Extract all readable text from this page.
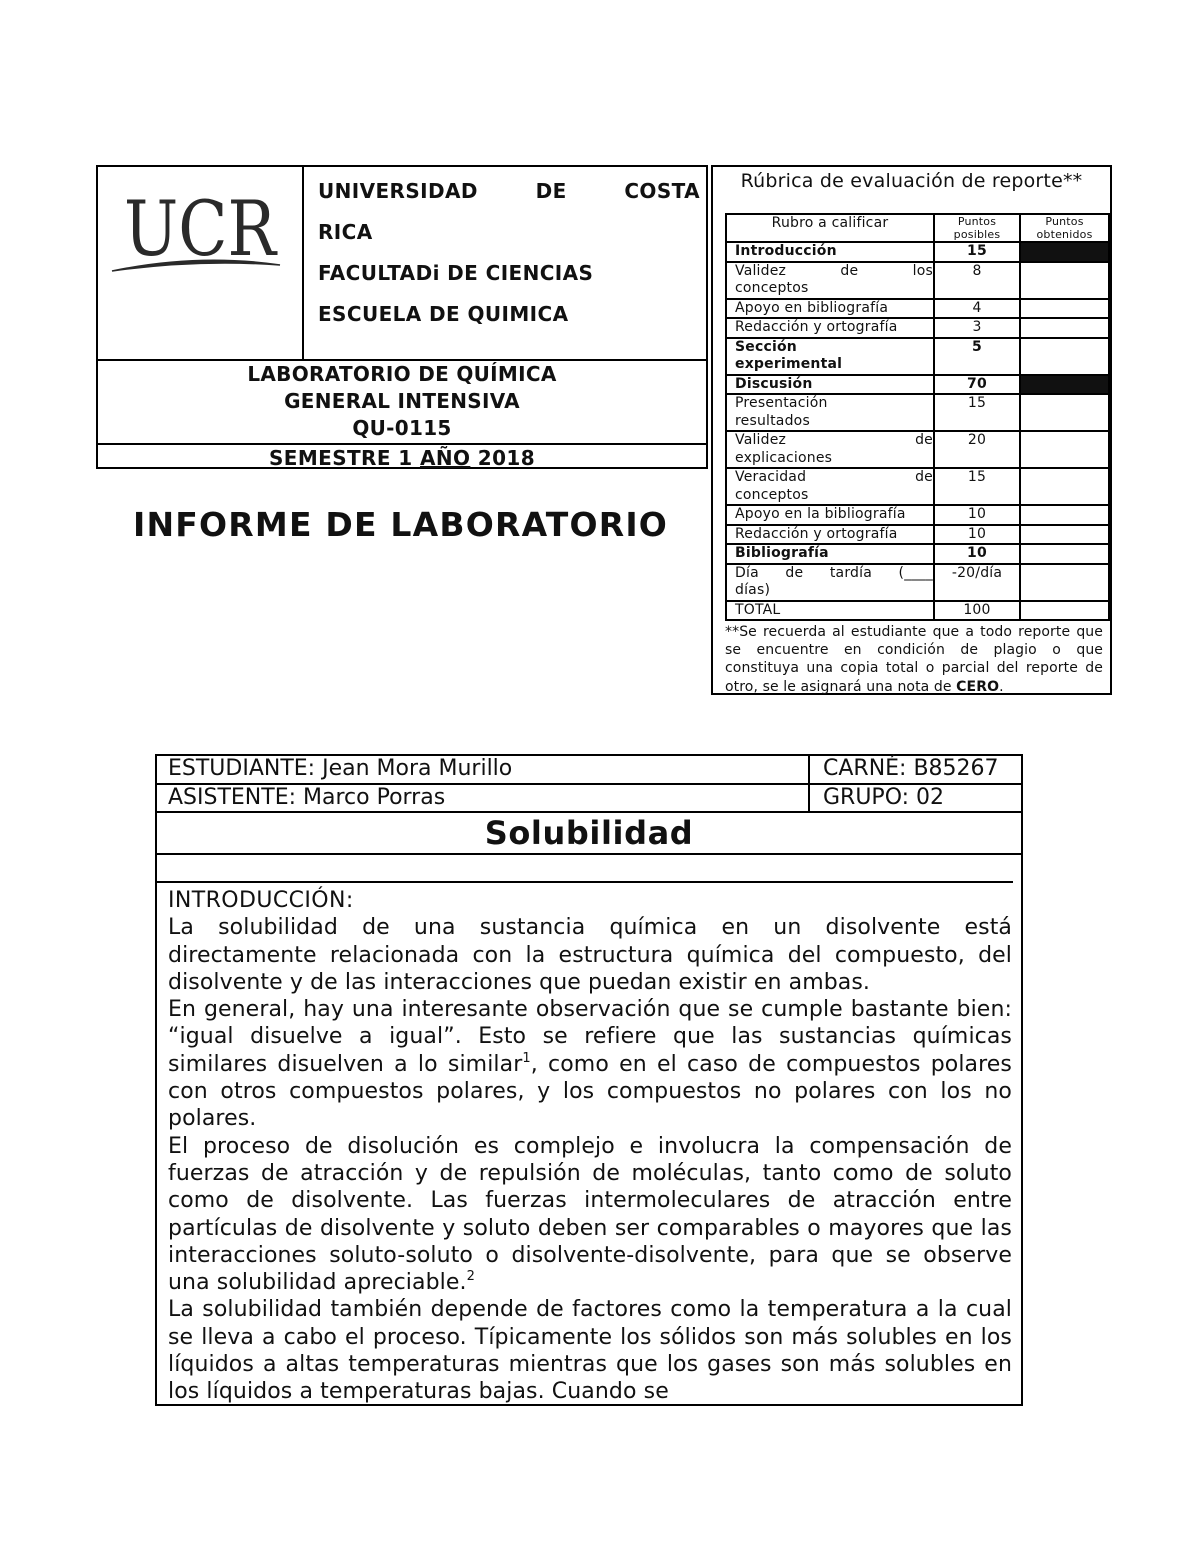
UCR UNIVERSIDAD	DE	COSTA
RICA
FACULTADi DE CIENCIAS
ESCUELA DE QUIMICA
LABORATORIO DE QUÍMICA
GENERAL INTENSIVA
QU-0115
SEMESTRE 1 AÑO 2018
INFORME DE LABORATORIO
Rúbrica de evaluación de reporte**
Rubro a calificar	Puntos posibles	Puntos obtenidos
Introducción	15	

Validez de los
conceptos	8	
Apoyo en bibliografía	4	
Redacción y ortografía	3	

Sección
experimental	5	
Discusión	70	

Presentación
resultados	15	

Validez de
explicaciones	20	

Veracidad de
conceptos	15	
Apoyo en la bibliografía	10	
Redacción y ortografía	10	
Bibliografía	10	

Día de tardía (____
días)	-20/día	
TOTAL	100	
**Se recuerda al estudiante que a todo reporte que se encuentre en condición de plagio o que constituya una copia total o parcial del reporte de otro, se le asignará una nota de CERO.
ESTUDIANTE: Jean Mora Murillo	CARNÉ: B85267
ASISTENTE: Marco Porras	GRUPO: 02
Solubilidad

INTRODUCCIÓN:

La solubilidad de una sustancia química en un disolvente está directamente relacionada con la estructura química del compuesto, del disolvente y de las interacciones que puedan existir en ambas.

En general, hay una interesante observación que se cumple bastante bien: “igual disuelve a igual”. Esto se refiere que las sustancias químicas similares disuelven a lo similar$^1$, como en el caso de compuestos polares con otros compuestos polares, y los compuestos no polares con los no polares.

El proceso de disolución es complejo e involucra la compensación de fuerzas de atracción y de repulsión de moléculas, tanto como de soluto como de disolvente. Las fuerzas intermoleculares de atracción entre partículas de disolvente y soluto deben ser comparables o mayores que las interacciones soluto-soluto o disolvente-disolvente, para que se observe una solubilidad apreciable.$^2$

La solubilidad también depende de factores como la temperatura a la cual se lleva a cabo el proceso. Típicamente los sólidos son más solubles en los líquidos a altas temperaturas mientras que los gases son más solubles en los líquidos a temperaturas bajas. Cuando se
